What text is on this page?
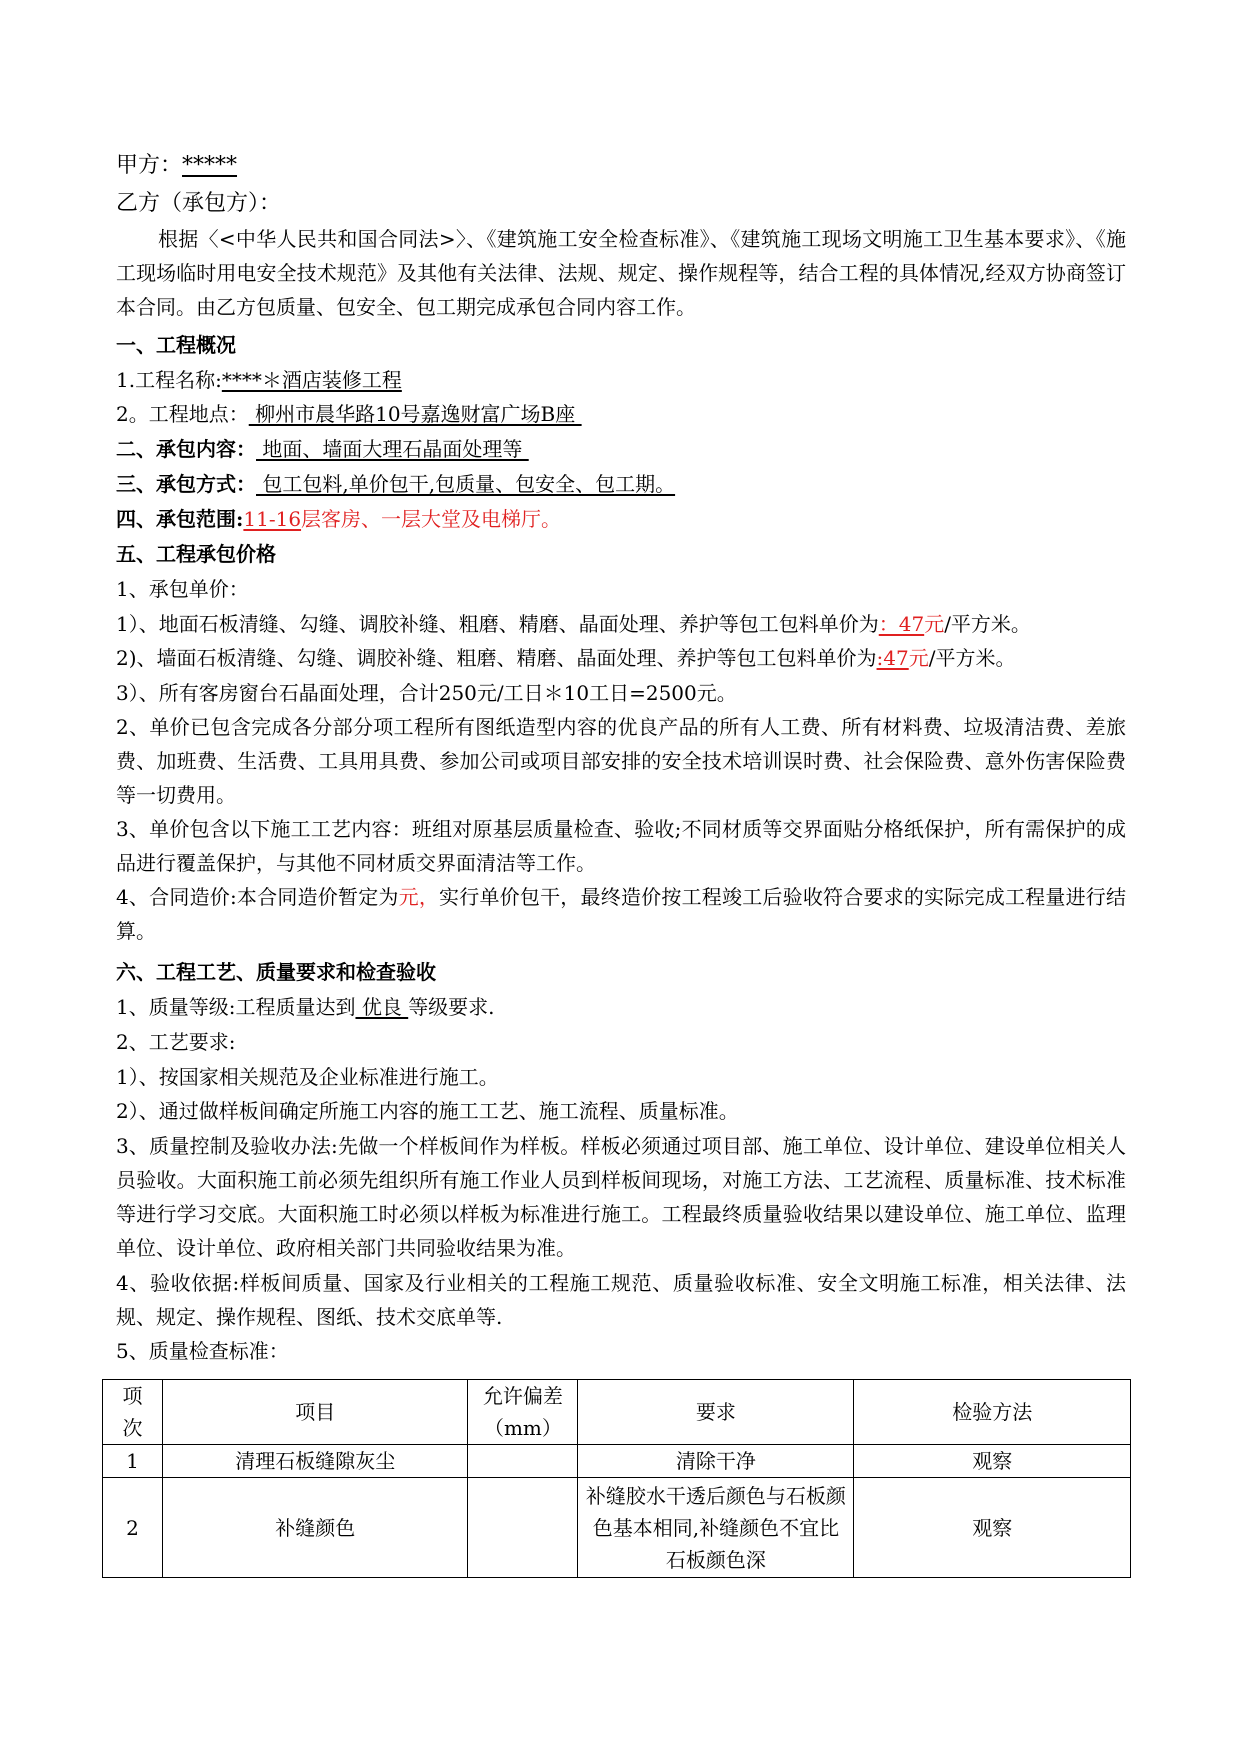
甲方：*****
乙方（承包方）：
根据〈<中华人民共和国合同法>〉、《建筑施工安全检查标准》、《建筑施工现场文明施工卫生基本要求》、《施工现场临时用电安全技术规范》及其他有关法律、法规、规定、操作规程等，结合工程的具体情况,经双方协商签订本合同。由乙方包质量、包安全、包工期完成承包合同内容工作。
一、工程概况
1.工程名称:****＊酒店装修工程
2。工程地点： 柳州市晨华路10号嘉逸财富广场B座
二、承包内容： 地面、墙面大理石晶面处理等
三、承包方式： 包工包料,单价包干,包质量、包安全、包工期。
四、承包范围:11-16层客房、一层大堂及电梯厅。
五、工程承包价格
1、承包单价：
1）、地面石板清缝、勾缝、调胶补缝、粗磨、精磨、晶面处理、养护等包工包料单价为：47元/平方米。
2)、墙面石板清缝、勾缝、调胶补缝、粗磨、精磨、晶面处理、养护等包工包料单价为:47元/平方米。
3）、所有客房窗台石晶面处理，合计250元/工日＊10工日=2500元。
2、单价已包含完成各分部分项工程所有图纸造型内容的优良产品的所有人工费、所有材料费、垃圾清洁费、差旅费、加班费、生活费、工具用具费、参加公司或项目部安排的安全技术培训误时费、社会保险费、意外伤害保险费等一切费用。
3、单价包含以下施工工艺内容：班组对原基层质量检查、验收;不同材质等交界面贴分格纸保护，所有需保护的成品进行覆盖保护，与其他不同材质交界面清洁等工作。
4、合同造价:本合同造价暂定为元，实行单价包干，最终造价按工程竣工后验收符合要求的实际完成工程量进行结算。
六、工程工艺、质量要求和检查验收
1、质量等级:工程质量达到 优良 等级要求.
2、工艺要求:
1）、按国家相关规范及企业标准进行施工。
2）、通过做样板间确定所施工内容的施工工艺、施工流程、质量标准。
3、质量控制及验收办法:先做一个样板间作为样板。样板必须通过项目部、施工单位、设计单位、建设单位相关人员验收。大面积施工前必须先组织所有施工作业人员到样板间现场，对施工方法、工艺流程、质量标准、技术标准等进行学习交底。大面积施工时必须以样板为标准进行施工。工程最终质量验收结果以建设单位、施工单位、监理单位、设计单位、政府相关部门共同验收结果为准。
4、验收依据:样板间质量、国家及行业相关的工程施工规范、质量验收标准、安全文明施工标准，相关法律、法规、规定、操作规程、图纸、技术交底单等.
5、质量检查标准：
项次	项目	允许偏差（mm）	要求	检验方法
1	清理石板缝隙灰尘		清除干净	观察
2	补缝颜色		补缝胶水干透后颜色与石板颜色基本相同,补缝颜色不宜比石板颜色深	观察
